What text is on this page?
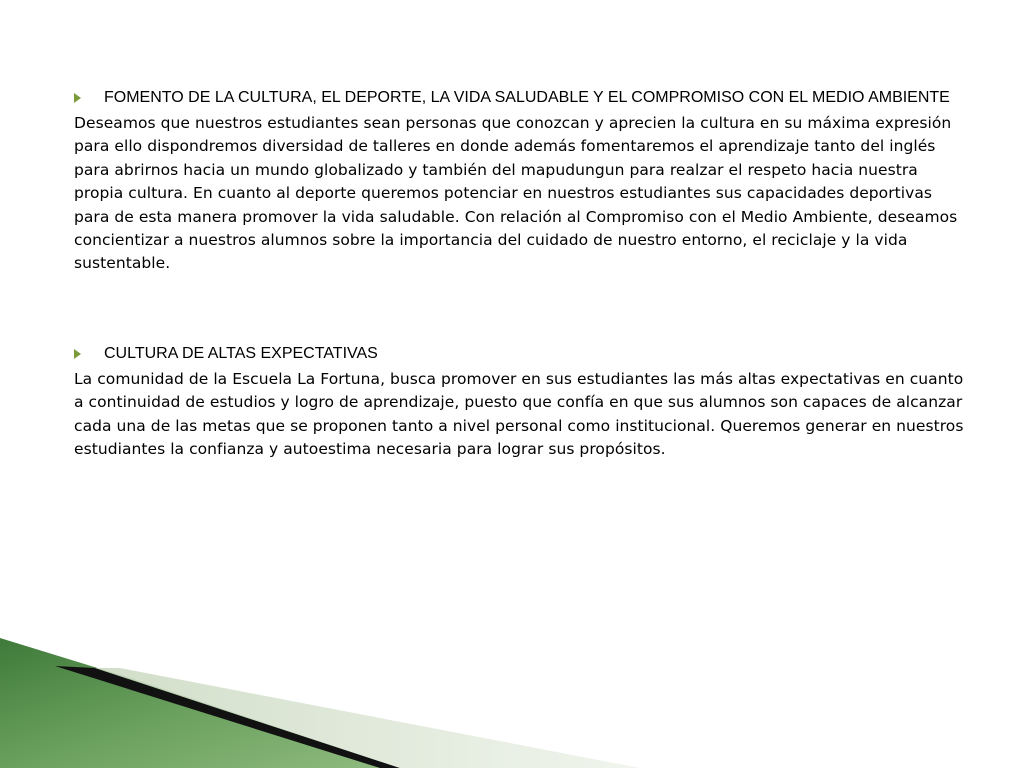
FOMENTO DE LA CULTURA, EL DEPORTE, LA VIDA SALUDABLE Y EL COMPROMISO CON EL MEDIO AMBIENTE

Deseamos que nuestros estudiantes sean personas que conozcan y aprecien la cultura en su máxima expresión para ello dispondremos diversidad de talleres en donde además fomentaremos el aprendizaje tanto del inglés para abrirnos hacia un mundo globalizado y también del mapudungun para realzar el respeto hacia nuestra propia cultura. En cuanto al deporte queremos potenciar en nuestros estudiantes sus capacidades deportivas para de esta manera promover la vida saludable. Con relación al Compromiso con el Medio Ambiente, deseamos concientizar a nuestros alumnos sobre la importancia del cuidado de nuestro entorno, el reciclaje y la vida sustentable.

CULTURA DE ALTAS EXPECTATIVAS

La comunidad de la Escuela La Fortuna, busca promover en sus estudiantes las más altas expectativas en cuanto a continuidad de estudios y logro de aprendizaje, puesto que confía en que sus alumnos son capaces de alcanzar cada una de las metas que se proponen tanto a nivel personal como institucional. Queremos generar en nuestros estudiantes la confianza y autoestima necesaria para lograr sus propósitos.
